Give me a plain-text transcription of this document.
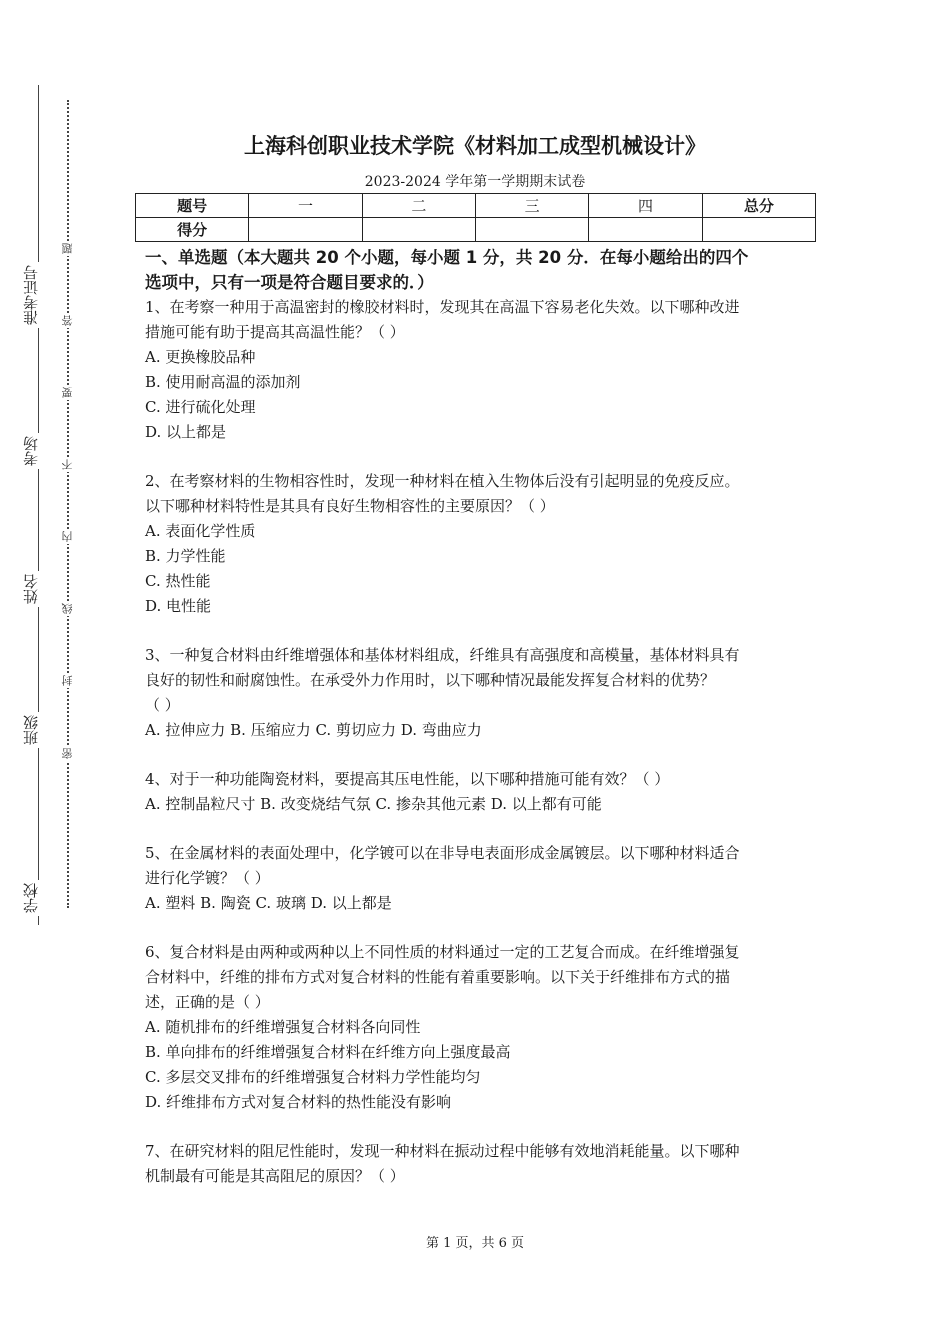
学校
班级
姓名
考场
准考证号
密
封
线
内
不
要
答
题
上海科创职业技术学院《材料加工成型机械设计》
2023-2024 学年第一学期期末试卷
题号	一	二	三	四	总分
得分					
一、单选题（本大题共 20 个小题，每小题 1 分，共 20 分．在每小题给出的四个
选项中，只有一项是符合题目要求的．）
1、在考察一种用于高温密封的橡胶材料时，发现其在高温下容易老化失效。以下哪种改进
措施可能有助于提高其高温性能？（ ）
A. 更换橡胶品种
B. 使用耐高温的添加剂
C. 进行硫化处理
D. 以上都是
2、在考察材料的生物相容性时，发现一种材料在植入生物体后没有引起明显的免疫反应。
以下哪种材料特性是其具有良好生物相容性的主要原因？（ ）
A. 表面化学性质
B. 力学性能
C. 热性能
D. 电性能
3、一种复合材料由纤维增强体和基体材料组成，纤维具有高强度和高模量，基体材料具有
良好的韧性和耐腐蚀性。在承受外力作用时，以下哪种情况最能发挥复合材料的优势？
（ ）
A. 拉伸应力 B. 压缩应力 C. 剪切应力 D. 弯曲应力
4、对于一种功能陶瓷材料，要提高其压电性能，以下哪种措施可能有效？（ ）
A. 控制晶粒尺寸 B. 改变烧结气氛 C. 掺杂其他元素 D. 以上都有可能
5、在金属材料的表面处理中，化学镀可以在非导电表面形成金属镀层。以下哪种材料适合
进行化学镀？（ ）
A. 塑料 B. 陶瓷 C. 玻璃 D. 以上都是
6、复合材料是由两种或两种以上不同性质的材料通过一定的工艺复合而成。在纤维增强复
合材料中，纤维的排布方式对复合材料的性能有着重要影响。以下关于纤维排布方式的描
述，正确的是（ ）
A. 随机排布的纤维增强复合材料各向同性
B. 单向排布的纤维增强复合材料在纤维方向上强度最高
C. 多层交叉排布的纤维增强复合材料力学性能均匀
D. 纤维排布方式对复合材料的热性能没有影响
7、在研究材料的阻尼性能时，发现一种材料在振动过程中能够有效地消耗能量。以下哪种
机制最有可能是其高阻尼的原因？（ ）
第 1 页，共 6 页
